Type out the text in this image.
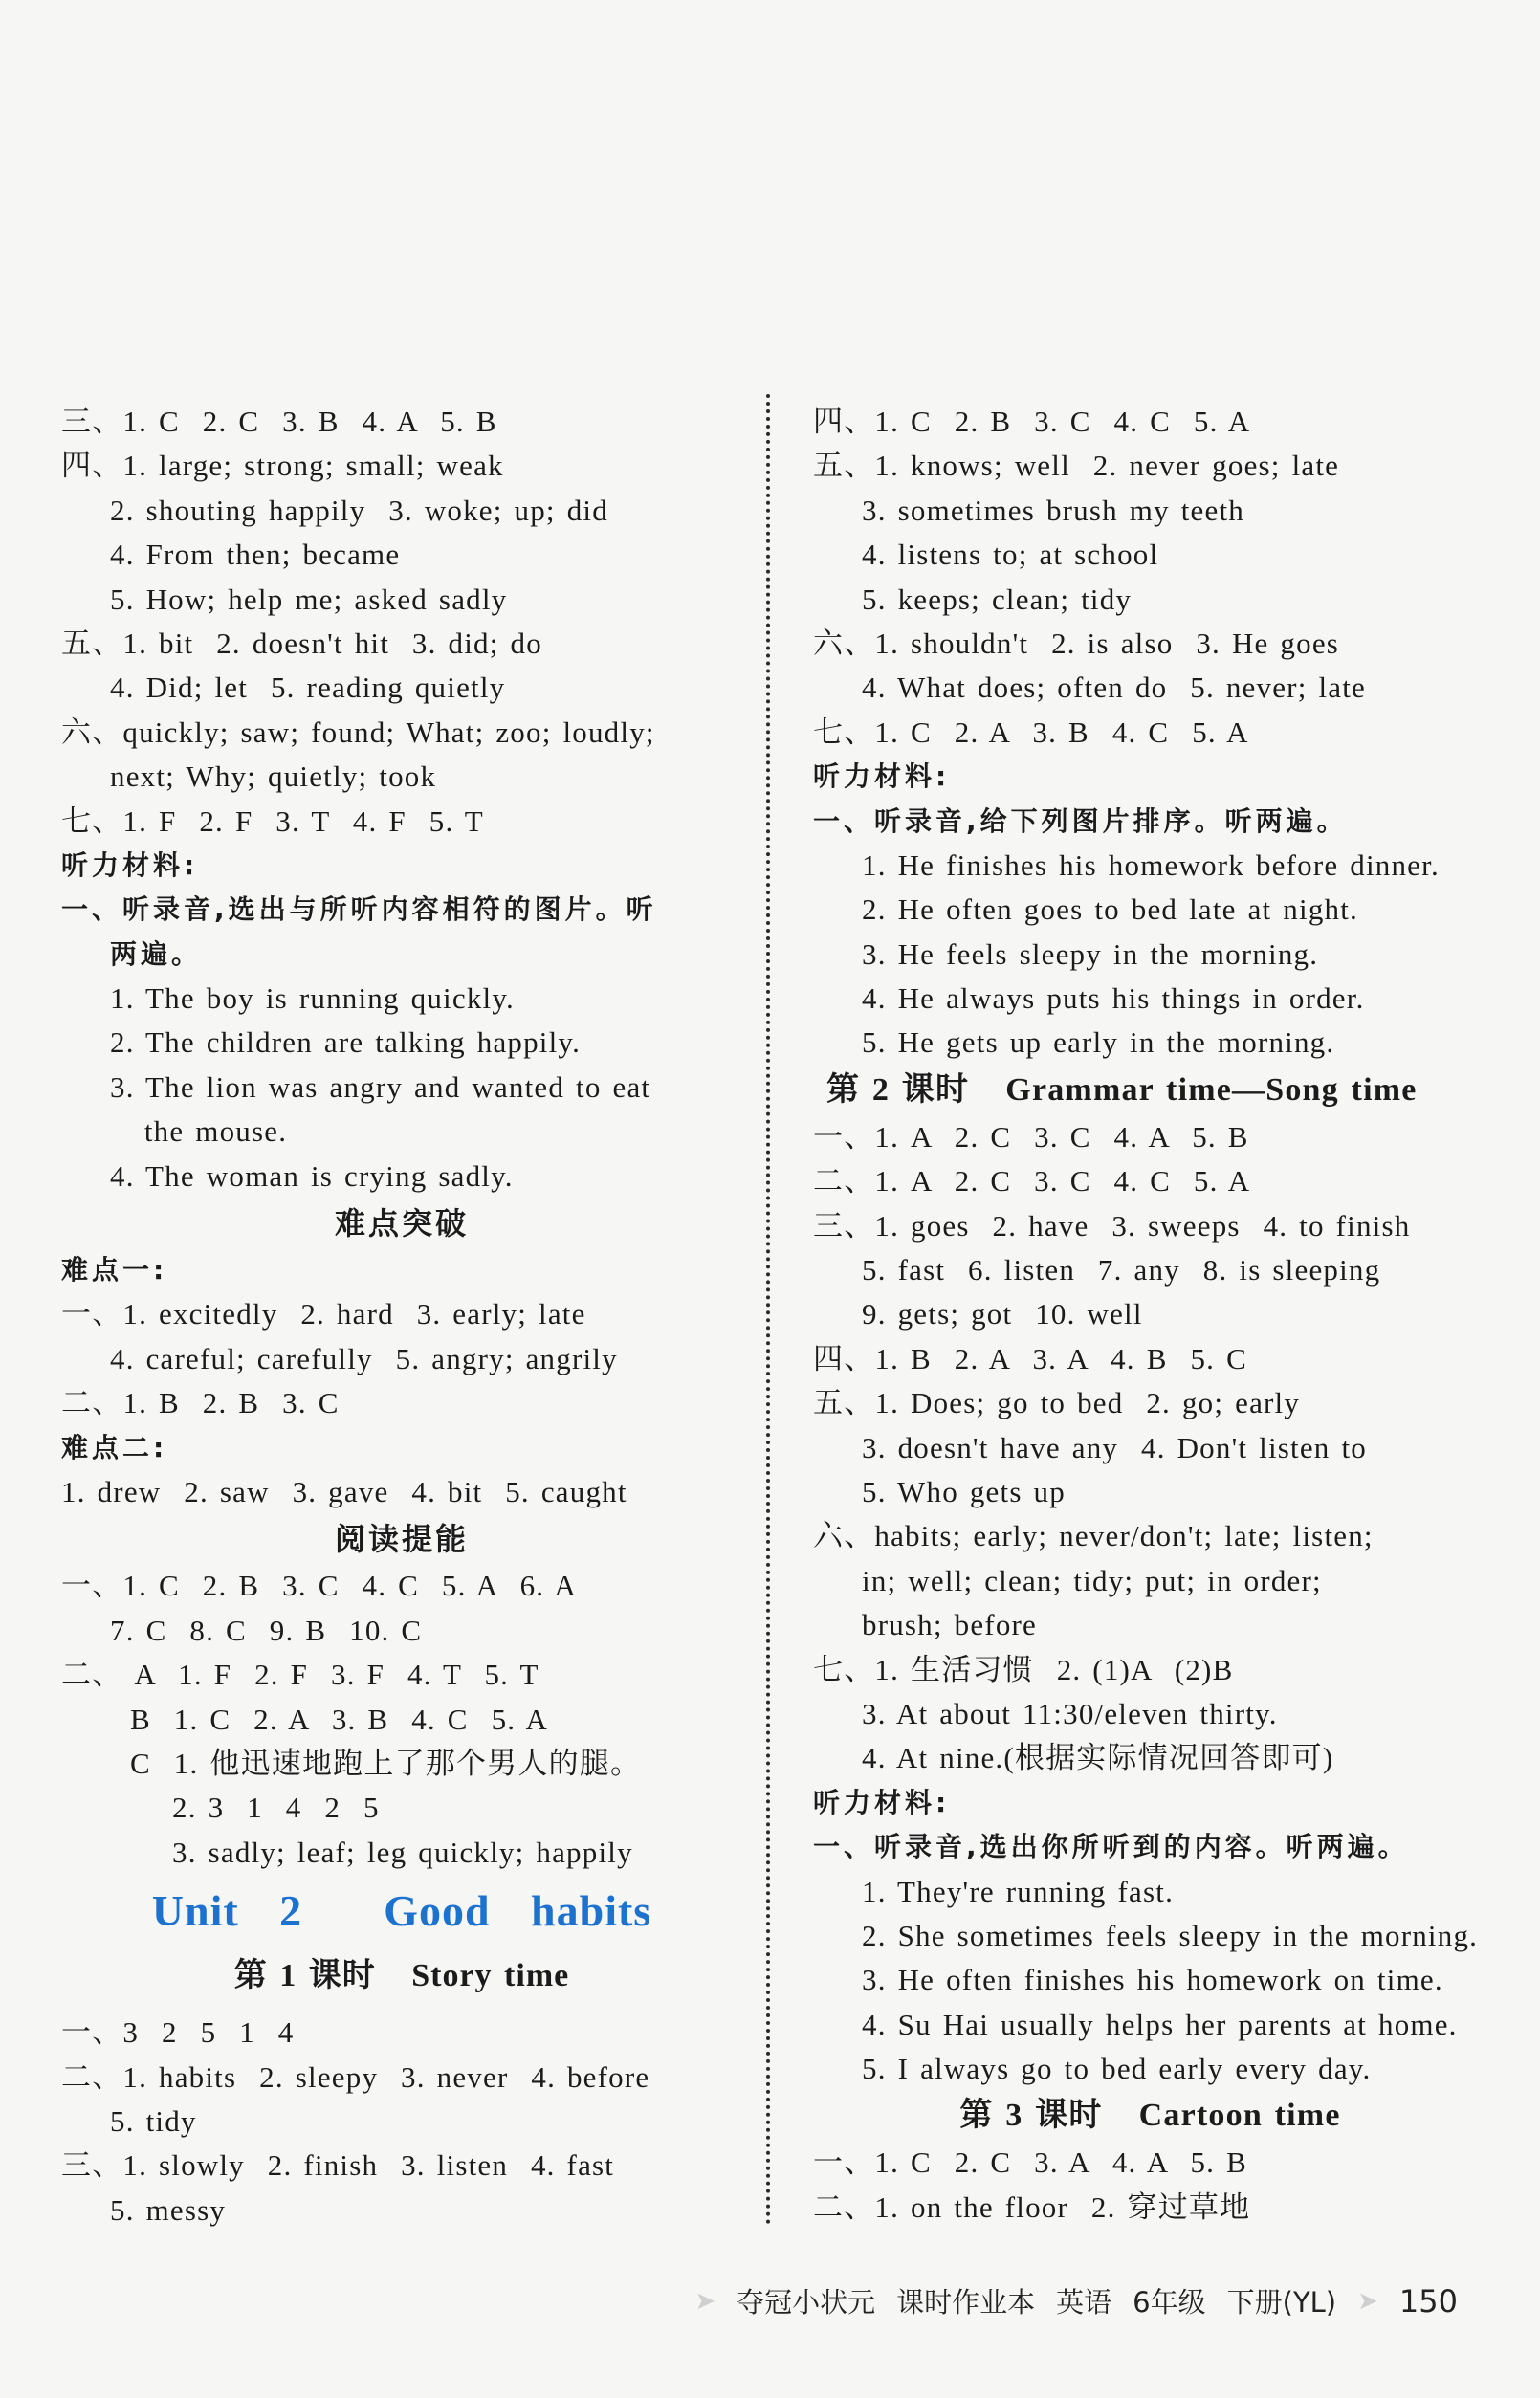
三、1. C  2. C  3. B  4. A  5. B
四、1. large; strong; small; weak
2. shouting happily  3. woke; up; did
4. From then; became
5. How; help me; asked sadly
五、1. bit  2. doesn't hit  3. did; do
4. Did; let  5. reading quietly
六、quickly; saw; found; What; zoo; loudly;
next; Why; quietly; took
七、1. F  2. F  3. T  4. F  5. T
听力材料:
一、听录音,选出与所听内容相符的图片。听
两遍。
1. The boy is running quickly.
2. The children are talking happily.
3. The lion was angry and wanted to eat
the mouse.
4. The woman is crying sadly.
难点突破
难点一:
一、1. excitedly  2. hard  3. early; late
4. careful; carefully  5. angry; angrily
二、1. B  2. B  3. C
难点二:
1. drew  2. saw  3. gave  4. bit  5. caught
阅读提能
一、1. C  2. B  3. C  4. C  5. A  6. A
7. C  8. C  9. B  10. C
二、 A  1. F  2. F  3. F  4. T  5. T
B  1. C  2. A  3. B  4. C  5. A
C  1. 他迅速地跑上了那个男人的腿。
2. 3  1  4  2  5
3. sadly; leaf; leg quickly; happily
Unit 2  Good habits
第 1 课时   Story time
一、3  2  5  1  4
二、1. habits  2. sleepy  3. never  4. before
5. tidy
三、1. slowly  2. finish  3. listen  4. fast
5. messy
四、1. C  2. B  3. C  4. C  5. A
五、1. knows; well  2. never goes; late
3. sometimes brush my teeth
4. listens to; at school
5. keeps; clean; tidy
六、1. shouldn't  2. is also  3. He goes
4. What does; often do  5. never; late
七、1. C  2. A  3. B  4. C  5. A
听力材料:
一、听录音,给下列图片排序。听两遍。
1. He finishes his homework before dinner.
2. He often goes to bed late at night.
3. He feels sleepy in the morning.
4. He always puts his things in order.
5. He gets up early in the morning.
第 2 课时   Grammar time—Song time
一、1. A  2. C  3. C  4. A  5. B
二、1. A  2. C  3. C  4. C  5. A
三、1. goes  2. have  3. sweeps  4. to finish
5. fast  6. listen  7. any  8. is sleeping
9. gets; got  10. well
四、1. B  2. A  3. A  4. B  5. C
五、1. Does; go to bed  2. go; early
3. doesn't have any  4. Don't listen to
5. Who gets up
六、habits; early; never/don't; late; listen;
in; well; clean; tidy; put; in order;
brush; before
七、1. 生活习惯  2. (1)A  (2)B
3. At about 11:30/eleven thirty.
4. At nine.(根据实际情况回答即可)
听力材料:
一、听录音,选出你所听到的内容。听两遍。
1. They're running fast.
2. She sometimes feels sleepy in the morning.
3. He often finishes his homework on time.
4. Su Hai usually helps her parents at home.
5. I always go to bed early every day.
第 3 课时   Cartoon time
一、1. C  2. C  3. A  4. A  5. B
二、1. on the floor  2. 穿过草地
➤ 夺冠小状元 课时作业本 英语 6年级 下册(YL) ➤ 150
